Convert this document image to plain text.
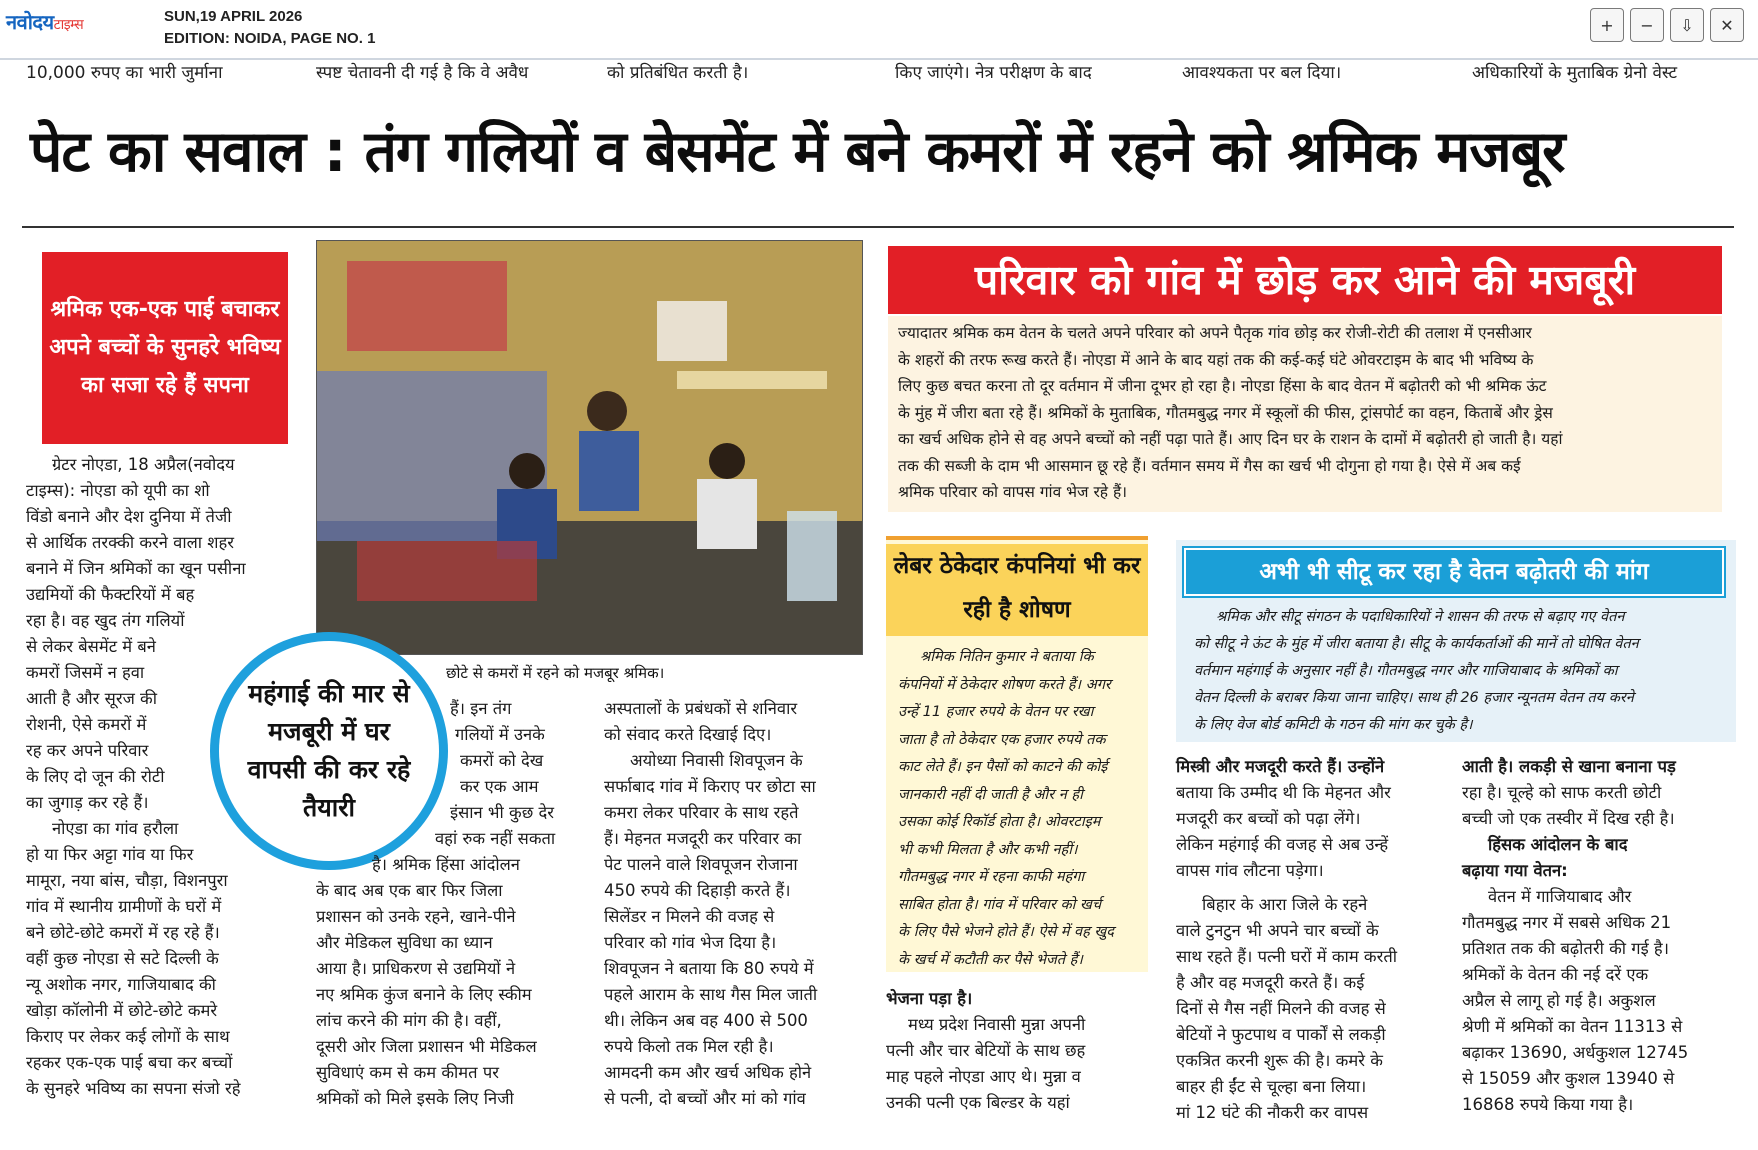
नवोदयटाइम्स	SUN,19 APRIL 2026
EDITION: NOIDA, PAGE NO. 1
+	−	⇩	✕
10,000 रुपए का भारी जुर्माना	स्पष्ट चेतावनी दी गई है कि वे अवैध	को प्रतिबंधित करती है।	किए जाएंगे। नेत्र परीक्षण के बाद	आवश्यकता पर बल दिया।	अधिकारियों के मुताबिक ग्रेनो वेस्ट
पेट का सवाल : तंग गलियों व बेसमेंट में बने कमरों में रहने को श्रमिक मजबूर
श्रमिक एक-एक पाई बचाकर अपने बच्चों के सुनहरे भविष्य का सजा रहे हैं सपना
ग्रेटर नोएडा, 18 अप्रैल(नवोदय
टाइम्स): नोएडा को यूपी का शो
विंडो बनाने और देश दुनिया में तेजी
से आर्थिक तरक्की करने वाला शहर
बनाने में जिन श्रमिकों का खून पसीना
उद्यमियों की फैक्टरियों में बह
रहा है। वह खुद तंग गलियों
से लेकर बेसमेंट में बने
कमरों जिसमें न हवा
आती है और सूरज की
रोशनी, ऐसे कमरों में
रह कर अपने परिवार
के लिए दो जून की रोटी
का जुगाड़ कर रहे हैं।
नोएडा का गांव हरौला
हो या फिर अट्टा गांव या फिर
मामूरा, नया बांस, चौड़ा, विशनपुरा
गांव में स्थानीय ग्रामीणों के घरों में
बने छोटे-छोटे कमरों में रह रहे हैं।
वहीं कुछ नोएडा से सटे दिल्ली के
न्यू अशोक नगर, गाजियाबाद की
खोड़ा कॉलोनी में छोटे-छोटे कमरे
किराए पर लेकर कई लोगों के साथ
रहकर एक-एक पाई बचा कर बच्चों
के सुनहरे भविष्य का सपना संजो रहे
छोटे से कमरों में रहने को मजबूर श्रमिक।
महंगाई की मार से मजबूरी में घर वापसी की कर रहे तैयारी
हैं। इन तंग
गलियों में उनके
कमरों को देख
कर एक आम
इंसान भी कुछ देर
वहां रुक नहीं सकता
है। श्रमिक हिंसा आंदोलन
के बाद अब एक बार फिर जिला
प्रशासन को उनके रहने, खाने-पीने
और मेडिकल सुविधा का ध्यान
आया है। प्राधिकरण से उद्यमियों ने
नए श्रमिक कुंज बनाने के लिए स्कीम
लांच करने की मांग की है। वहीं,
दूसरी ओर जिला प्रशासन भी मेडिकल
सुविधाएं कम से कम कीमत पर
श्रमिकों को मिले इसके लिए निजी
अस्पतालों के प्रबंधकों से शनिवार
को संवाद करते दिखाई दिए।
अयोध्या निवासी शिवपूजन के
सर्फाबाद गांव में किराए पर छोटा सा
कमरा लेकर परिवार के साथ रहते
हैं। मेहनत मजदूरी कर परिवार का
पेट पालने वाले शिवपूजन रोजाना
450 रुपये की दिहाड़ी करते हैं।
सिलेंडर न मिलने की वजह से
परिवार को गांव भेज दिया है।
शिवपूजन ने बताया कि 80 रुपये में
पहले आराम के साथ गैस मिल जाती
थी। लेकिन अब वह 400 से 500
रुपये किलो तक मिल रही है।
आमदनी कम और खर्च अधिक होने
से पत्नी, दो बच्चों और मां को गांव
परिवार को गांव में छोड़ कर आने की मजबूरी
ज्यादातर श्रमिक कम वेतन के चलते अपने परिवार को अपने पैतृक गांव छोड़ कर रोजी-रोटी की तलाश में एनसीआर
के शहरों की तरफ रूख करते हैं। नोएडा में आने के बाद यहां तक की कई-कई घंटे ओवरटाइम के बाद भी भविष्य के
लिए कुछ बचत करना तो दूर वर्तमान में जीना दूभर हो रहा है। नोएडा हिंसा के बाद वेतन में बढ़ोतरी को भी श्रमिक ऊंट
के मुंह में जीरा बता रहे हैं। श्रमिकों के मुताबिक, गौतमबुद्ध नगर में स्कूलों की फीस, ट्रांसपोर्ट का वहन, किताबें और ड्रेस
का खर्च अधिक होने से वह अपने बच्चों को नहीं पढ़ा पाते हैं। आए दिन घर के राशन के दामों में बढ़ोतरी हो जाती है। यहां
तक की सब्जी के दाम भी आसमान छू रहे हैं। वर्तमान समय में गैस का खर्च भी दोगुना हो गया है। ऐसे में अब कई
श्रमिक परिवार को वापस गांव भेज रहे हैं।
लेबर ठेकेदार कंपनियां भी कर रही है शोषण
श्रमिक नितिन कुमार ने बताया कि
कंपनियों में ठेकेदार शोषण करते हैं। अगर
उन्हें 11 हजार रुपये के वेतन पर रखा
जाता है तो ठेकेदार एक हजार रुपये तक
काट लेते हैं। इन पैसों को काटने की कोई
जानकारी नहीं दी जाती है और न ही
उसका कोई रिकॉर्ड होता है। ओवरटाइम
भी कभी मिलता है और कभी नहीं।
गौतमबुद्ध नगर में रहना काफी महंगा
साबित होता है। गांव में परिवार को खर्च
के लिए पैसे भेजने होते हैं। ऐसे में वह खुद
के खर्च में कटौती कर पैसे भेजते हैं।
अभी भी सीटू कर रहा है वेतन बढ़ोतरी की मांग
श्रमिक और सीटू संगठन के पदाधिकारियों ने शासन की तरफ से बढ़ाए गए वेतन
को सीटू ने ऊंट के मुंह में जीरा बताया है। सीटू के कार्यकर्ताओं की मानें तो घोषित वेतन
वर्तमान महंगाई के अनुसार नहीं है। गौतमबुद्ध नगर और गाजियाबाद के श्रमिकों का
वेतन दिल्ली के बराबर किया जाना चाहिए। साथ ही 26 हजार न्यूनतम वेतन तय करने
के लिए वेज बोर्ड कमिटी के गठन की मांग कर चुके है।
भेजना पड़ा है।
मध्य प्रदेश निवासी मुन्ना अपनी
पत्नी और चार बेटियों के साथ छह
माह पहले नोएडा आए थे। मुन्ना व
उनकी पत्नी एक बिल्डर के यहां
मिस्त्री और मजदूरी करते हैं। उन्होंने
बताया कि उम्मीद थी कि मेहनत और
मजदूरी कर बच्चों को पढ़ा लेंगे।
लेकिन महंगाई की वजह से अब उन्हें
वापस गांव लौटना पड़ेगा।
बिहार के आरा जिले के रहने
वाले टुनटुन भी अपने चार बच्चों के
साथ रहते हैं। पत्नी घरों में काम करती
है और वह मजदूरी करते हैं। कई
दिनों से गैस नहीं मिलने की वजह से
बेटियों ने फुटपाथ व पार्कों से लकड़ी
एकत्रित करनी शुरू की है। कमरे के
बाहर ही ईंट से चूल्हा बना लिया।
मां 12 घंटे की नौकरी कर वापस
आती है। लकड़ी से खाना बनाना पड़
रहा है। चूल्हे को साफ करती छोटी
बच्ची जो एक तस्वीर में दिख रही है।
हिंसक आंदोलन के बाद
बढ़ाया गया वेतन:
वेतन में गाजियाबाद और
गौतमबुद्ध नगर में सबसे अधिक 21
प्रतिशत तक की बढ़ोतरी की गई है।
श्रमिकों के वेतन की नई दरें एक
अप्रैल से लागू हो गई है। अकुशल
श्रेणी में श्रमिकों का वेतन 11313 से
बढ़ाकर 13690, अर्धकुशल 12745
से 15059 और कुशल 13940 से
16868 रुपये किया गया है।
